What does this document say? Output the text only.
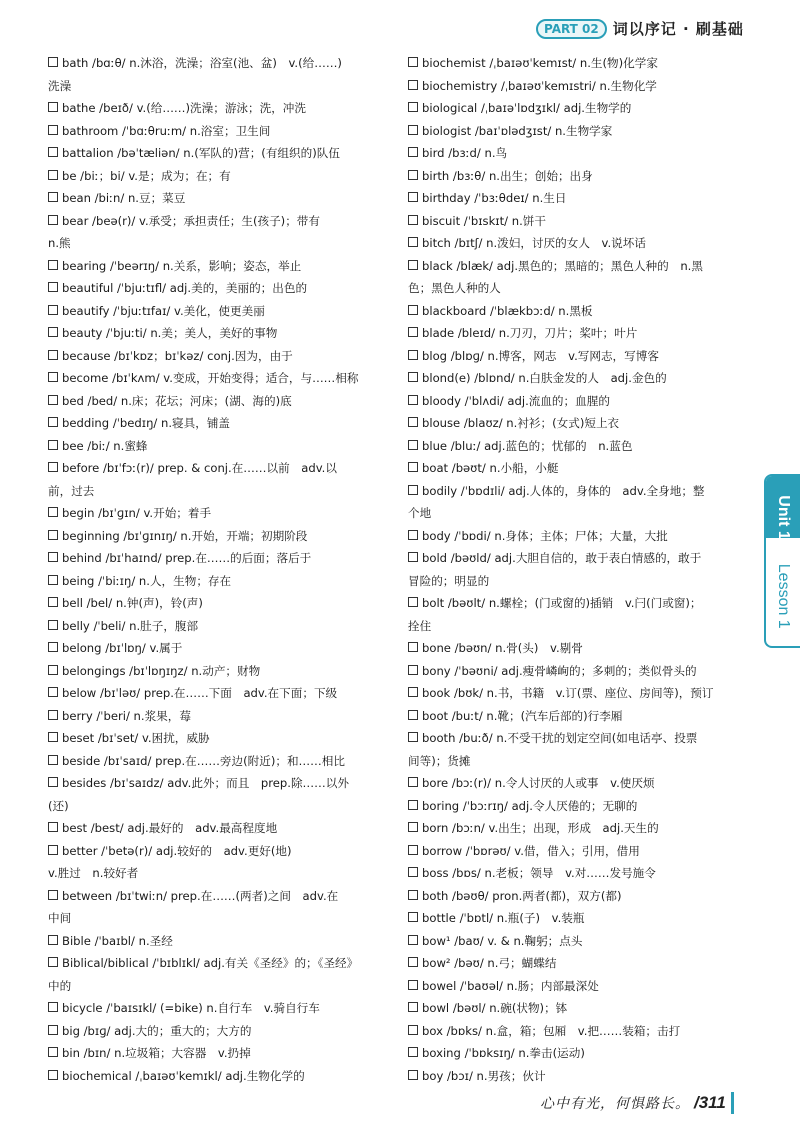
PART 02 词以序记 · 刷基础
bath /bɑːθ/ n.沐浴，洗澡；浴室(池、盆)　v.(给……)
洗澡
bathe /beɪð/ v.(给……)洗澡；游泳；洗，冲洗
bathroom /ˈbɑːθruːm/ n.浴室；卫生间
battalion /bəˈtæliən/ n.(军队的)营；(有组织的)队伍
be /biː；bi/ v.是；成为；在；有
bean /biːn/ n.豆；菜豆
bear /beə(r)/ v.承受；承担责任；生(孩子)；带有
n.熊
bearing /ˈbeərɪŋ/ n.关系，影响；姿态，举止
beautiful /ˈbjuːtɪfl/ adj.美的，美丽的；出色的
beautify /ˈbjuːtɪfaɪ/ v.美化，使更美丽
beauty /ˈbjuːti/ n.美；美人，美好的事物
because /bɪˈkɒz；bɪˈkəz/ conj.因为，由于
become /bɪˈkʌm/ v.变成，开始变得；适合，与……相称
bed /bed/ n.床；花坛；河床；(湖、海的)底
bedding /ˈbedɪŋ/ n.寝具，铺盖
bee /biː/ n.蜜蜂
before /bɪˈfɔː(r)/ prep. & conj.在……以前　adv.以
前，过去
begin /bɪˈɡɪn/ v.开始；着手
beginning /bɪˈɡɪnɪŋ/ n.开始，开端；初期阶段
behind /bɪˈhaɪnd/ prep.在……的后面；落后于
being /ˈbiːɪŋ/ n.人，生物；存在
bell /bel/ n.钟(声)，铃(声)
belly /ˈbeli/ n.肚子，腹部
belong /bɪˈlɒŋ/ v.属于
belongings /bɪˈlɒŋɪŋz/ n.动产；财物
below /bɪˈləʊ/ prep.在……下面　adv.在下面；下级
berry /ˈberi/ n.浆果，莓
beset /bɪˈset/ v.困扰，威胁
beside /bɪˈsaɪd/ prep.在……旁边(附近)；和……相比
besides /bɪˈsaɪdz/ adv.此外；而且　prep.除……以外
(还)
best /best/ adj.最好的　adv.最高程度地
better /ˈbetə(r)/ adj.较好的　adv.更好(地)
v.胜过　n.较好者
between /bɪˈtwiːn/ prep.在……(两者)之间　adv.在
中间
Bible /ˈbaɪbl/ n.圣经
Biblical/biblical /ˈbɪblɪkl/ adj.有关《圣经》的；《圣经》
中的
bicycle /ˈbaɪsɪkl/ (=bike) n.自行车　v.骑自行车
big /bɪɡ/ adj.大的；重大的；大方的
bin /bɪn/ n.垃圾箱；大容器　v.扔掉
biochemical /ˌbaɪəʊˈkemɪkl/ adj.生物化学的
biochemist /ˌbaɪəʊˈkemɪst/ n.生(物)化学家
biochemistry /ˌbaɪəʊˈkemɪstri/ n.生物化学
biological /ˌbaɪəˈlɒdʒɪkl/ adj.生物学的
biologist /baɪˈɒlədʒɪst/ n.生物学家
bird /bɜːd/ n.鸟
birth /bɜːθ/ n.出生；创始；出身
birthday /ˈbɜːθdeɪ/ n.生日
biscuit /ˈbɪskɪt/ n.饼干
bitch /bɪtʃ/ n.泼妇，讨厌的女人　v.说坏话
black /blæk/ adj.黑色的；黑暗的；黑色人种的　n.黑
色；黑色人种的人
blackboard /ˈblækbɔːd/ n.黑板
blade /bleɪd/ n.刀刃，刀片；桨叶；叶片
blog /blɒɡ/ n.博客，网志　v.写网志，写博客
blond(e) /blɒnd/ n.白肤金发的人　adj.金色的
bloody /ˈblʌdi/ adj.流血的；血腥的
blouse /blaʊz/ n.衬衫；(女式)短上衣
blue /bluː/ adj.蓝色的；忧郁的　n.蓝色
boat /bəʊt/ n.小船，小艇
bodily /ˈbɒdɪli/ adj.人体的，身体的　adv.全身地；整
个地
body /ˈbɒdi/ n.身体；主体；尸体；大量，大批
bold /bəʊld/ adj.大胆自信的，敢于表白情感的，敢于
冒险的；明显的
bolt /bəʊlt/ n.螺栓；(门或窗的)插销　v.闩(门或窗)；
拴住
bone /bəʊn/ n.骨(头)　v.剔骨
bony /ˈbəʊni/ adj.瘦骨嶙峋的；多刺的；类似骨头的
book /bʊk/ n.书，书籍　v.订(票、座位、房间等)，预订
boot /buːt/ n.靴；(汽车后部的)行李厢
booth /buːð/ n.不受干扰的划定空间(如电话亭、投票
间等)；货摊
bore /bɔː(r)/ n.令人讨厌的人或事　v.使厌烦
boring /ˈbɔːrɪŋ/ adj.令人厌倦的；无聊的
born /bɔːn/ v.出生；出现，形成　adj.天生的
borrow /ˈbɒrəʊ/ v.借，借入；引用，借用
boss /bɒs/ n.老板；领导　v.对……发号施令
both /bəʊθ/ pron.两者(都)，双方(都)
bottle /ˈbɒtl/ n.瓶(子)　v.装瓶
bow¹ /baʊ/ v. & n.鞠躬；点头
bow² /bəʊ/ n.弓；蝴蝶结
bowel /ˈbaʊəl/ n.肠；内部最深处
bowl /bəʊl/ n.碗(状物)；钵
box /bɒks/ n.盒，箱；包厢　v.把……装箱；击打
boxing /ˈbɒksɪŋ/ n.拳击(运动)
boy /bɔɪ/ n.男孩；伙计
Unit 11Lesson 1
心中有光，何惧路长。 /311
